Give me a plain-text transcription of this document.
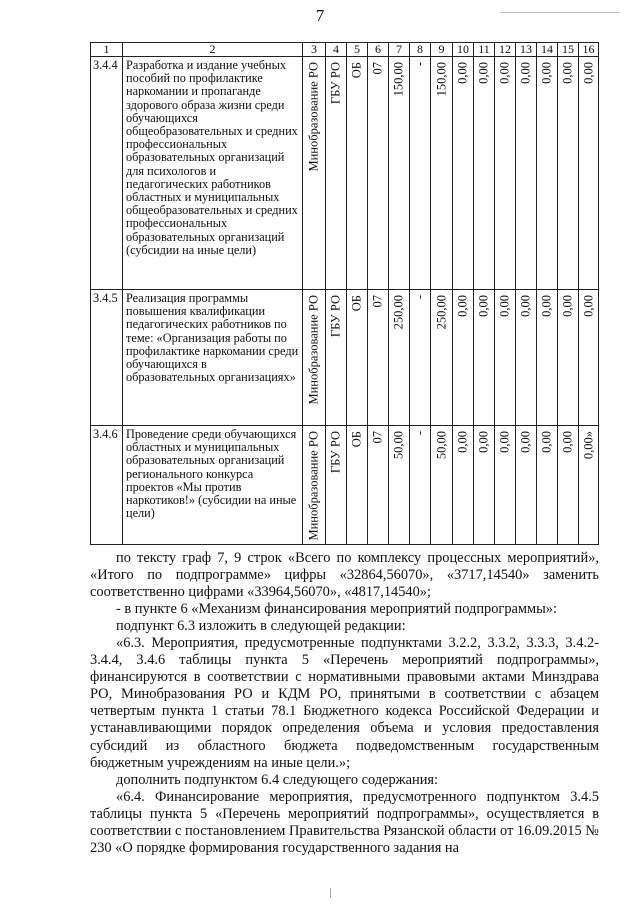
7
1	2	3	4	5	6	7	8	9	10	11	12	13	14	15	16
3.4.4	Разработка и издание учебных пособий по профилактике наркомании и пропаганде здорового образа жизни среди обучающихся общеобразовательных и средних профессиональных образовательных организаций для психологов и педагогических работников областных и муниципальных общеобразовательных и средних профессиональных образовательных организаций (субсидии на иные цели)	Минобразование РО	ГБУ РО	ОБ	07	150,00	-	150,00	0,00	0,00	0,00	0,00	0,00	0,00	0,00

3.4.5	Реализация программы повышения квалификации педагогических работников по теме: «Организация работы по профилактике наркомании среди обучающихся в образовательных организациях»	Минобразование РО	ГБУ РО	ОБ	07	250,00	-	250,00	0,00	0,00	0,00	0,00	0,00	0,00	0,00

3.4.6	Проведение среди обучающихся областных и муниципальных образовательных организаций регионального конкурса проектов «Мы против наркотиков!» (субсидии на иные цели)	Минобразование РО	ГБУ РО	ОБ	07	50,00	-	50,00	0,00	0,00	0,00	0,00	0,00	0,00	0,00»

по тексту граф 7, 9 строк «Всего по комплексу процессных мероприятий», «Итого по подпрограмме» цифры «32864,56070», «3717,14540» заменить соответственно цифрами «33964,56070», «4817,14540»;

- в пункте 6 «Механизм финансирования мероприятий подпрограммы»:

подпункт 6.3 изложить в следующей редакции:

«6.3. Мероприятия, предусмотренные подпунктами 3.2.2, 3.3.2, 3.3.3, 3.4.2-3.4.4, 3.4.6 таблицы пункта 5 «Перечень мероприятий подпрограммы», финансируются в соответствии с нормативными правовыми актами Минздрава РО, Минобразования РО и КДМ РО, принятыми в соответствии с абзацем четвертым пункта 1 статьи 78.1 Бюджетного кодекса Российской Федерации и устанавливающими порядок определения объема и условия предоставления субсидий из областного бюджета подведомственным государственным бюджетным учреждениям на иные цели.»;

дополнить подпунктом 6.4 следующего содержания:

«6.4. Финансирование мероприятия, предусмотренного подпунктом 3.4.5 таблицы пункта 5 «Перечень мероприятий подпрограммы», осуществляется в соответствии с постановлением Правительства Рязанской области от 16.09.2015 № 230 «О порядке формирования государственного задания на
